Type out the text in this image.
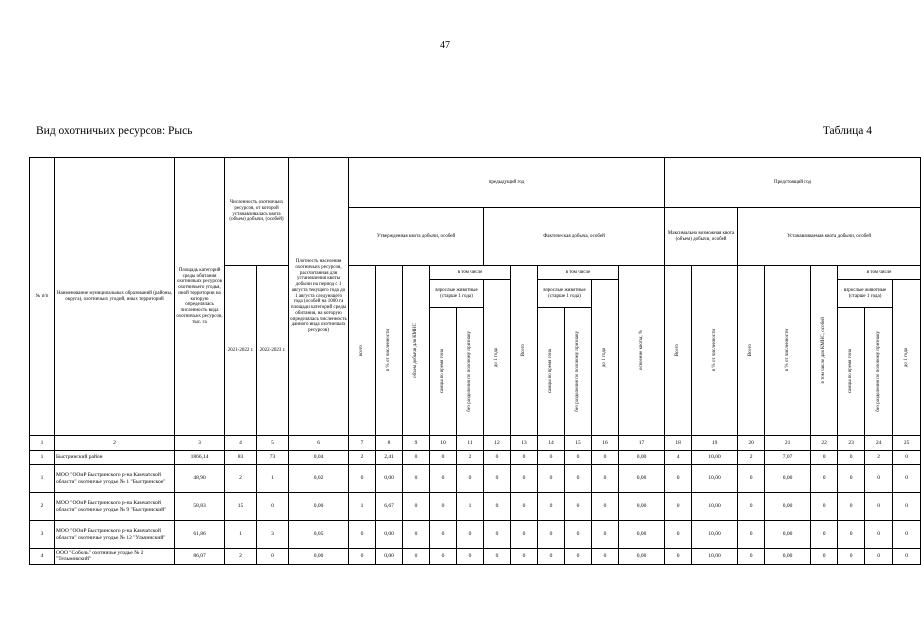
47
Вид охотничьих ресурсов: Рысь	Таблица 4
№ п/п	Наименование муниципальных образований (районы, округа), охотничьих угодий, иных территорий	Площадь категорий среды обитания охотничьих ресурсов охотничьего угодья, иной территории на которую определялась численность вида охотничьих ресурсов, тыс. га	Численность охотничьих ресурсов, от которой устанавливалась квота (объем) добычи, (особей)		Плотность населения охотничьих ресурсов, рассчитанная для установления квоты добычи на период с 1 августа текущего года до 1 августа следующего года (особей на 1000 га площади категорий среды обитания, на которую определялась численность данного вида охотничьих ресурсов)	предыдущий год											Предстоящий год							
						Утвержденная квота добычи, особей					Фактическая добыча, особей						Максимально возможная квота (объем) добычи, особей		Устанавливаемая квота добычи, особей					
			2021-2022 г.	2022-2023 г.		всего	в % от численности	объем добычи для КМНС	в том числе			Всего	в том числе			освоение квоты, %	Всего	в % от численности	Всего	в % от численности	в том числе для КМНС, особей	в том числе		
									взрослые животные (старше 1 года)		до 1 года		взрослые животные (старше 1 года)		до 1 года							взрослые животные (старше 1 года)		до 1 года

									самцы во время гона	без разделения по половому признаку			самцы во время гона	без разделения по половому признаку								самцы во время гона	без разделения по половому признаку	

1	2	3	4	5	6	7	8	9	10	11	12	13	14	15	16	17	18	19	20	21	22	23	24	25
1	Быстринский район	1866,14	83	73	0,04	2	2,41	0	0	2	0	0	0	0	0	0,00	4	10,00	2	7,07	0	0	2	0
1	МОО "ООиР Быстринского р-на Камчатской области" охотничье угодье № 1 "Быстринское"	48,90	2	1	0,02	0	0,00	0	0	0	0	0	0	0	0	0,00	0	10,00	0	0,00	0	0	0	0
2	МОО "ООиР Быстринского р-на Камчатской области" охотничье угодье № 9 "Быстринский"	58,83	15	0	0,00	1	6,67	0	0	1	0	0	0	0	0	0,00	0	10,00	0	0,00	0	0	0	0
3	МОО "ООиР Быстринского р-на Камчатской области" охотничье угодье № 12 "Ульчинский"	61,86	1	3	0,05	0	0,00	0	0	0	0	0	0	0	0	0,00	0	10,00	0	0,00	0	0	0	0
4	ООО "Соболь" охотничье угодье № 2 "Тельмовский"	86,07	2	0	0,00	0	0,00	0	0	0	0	0	0	0	0	0,00	0	10,00	0	0,00	0	0	0	0
